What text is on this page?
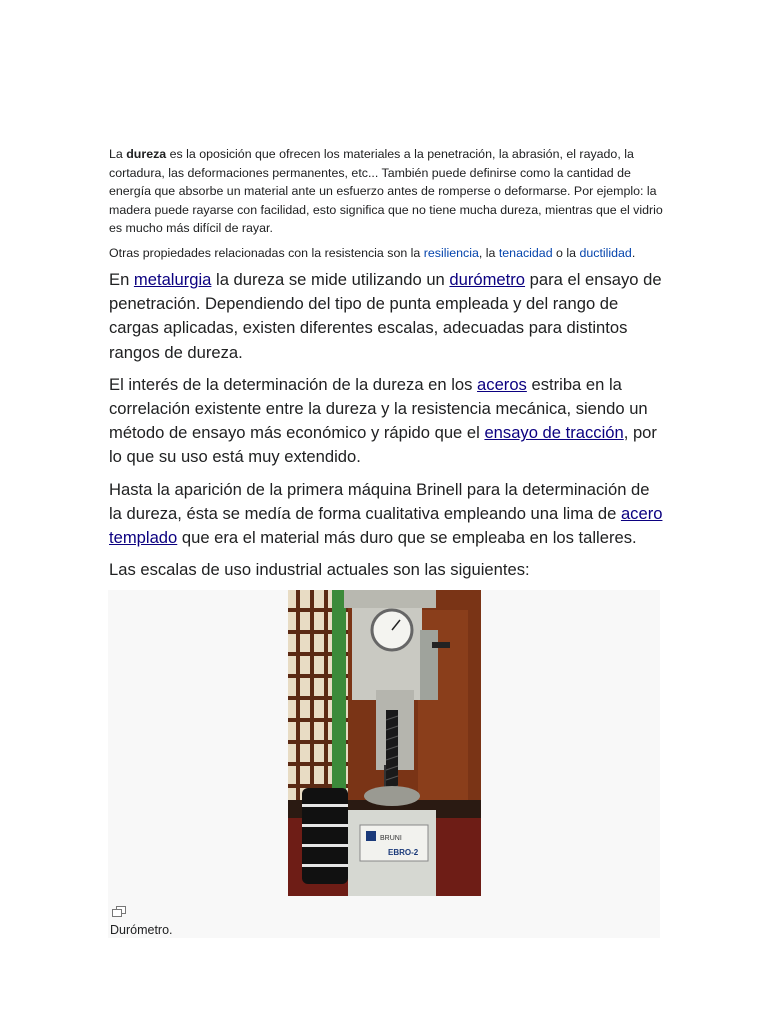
La dureza es la oposición que ofrecen los materiales a la penetración, la abrasión, el rayado, la cortadura, las deformaciones permanentes, etc... También puede definirse como la cantidad de energía que absorbe un material ante un esfuerzo antes de romperse o deformarse. Por ejemplo: la madera puede rayarse con facilidad, esto significa que no tiene mucha dureza, mientras que el vidrio es mucho más difícil de rayar.

Otras propiedades relacionadas con la resistencia son la resiliencia, la tenacidad o la ductilidad.

En metalurgia la dureza se mide utilizando un durómetro para el ensayo de penetración. Dependiendo del tipo de punta empleada y del rango de cargas aplicadas, existen diferentes escalas, adecuadas para distintos rangos de dureza.

El interés de la determinación de la dureza en los aceros estriba en la correlación existente entre la dureza y la resistencia mecánica, siendo un método de ensayo más económico y rápido que el ensayo de tracción, por lo que su uso está muy extendido.

Hasta la aparición de la primera máquina Brinell para la determinación de la dureza, ésta se medía de forma cualitativa empleando una lima de acero templado que era el material más duro que se empleaba en los talleres.

Las escalas de uso industrial actuales son las siguientes:

BRUNI
EBRO-2
Durómetro.
